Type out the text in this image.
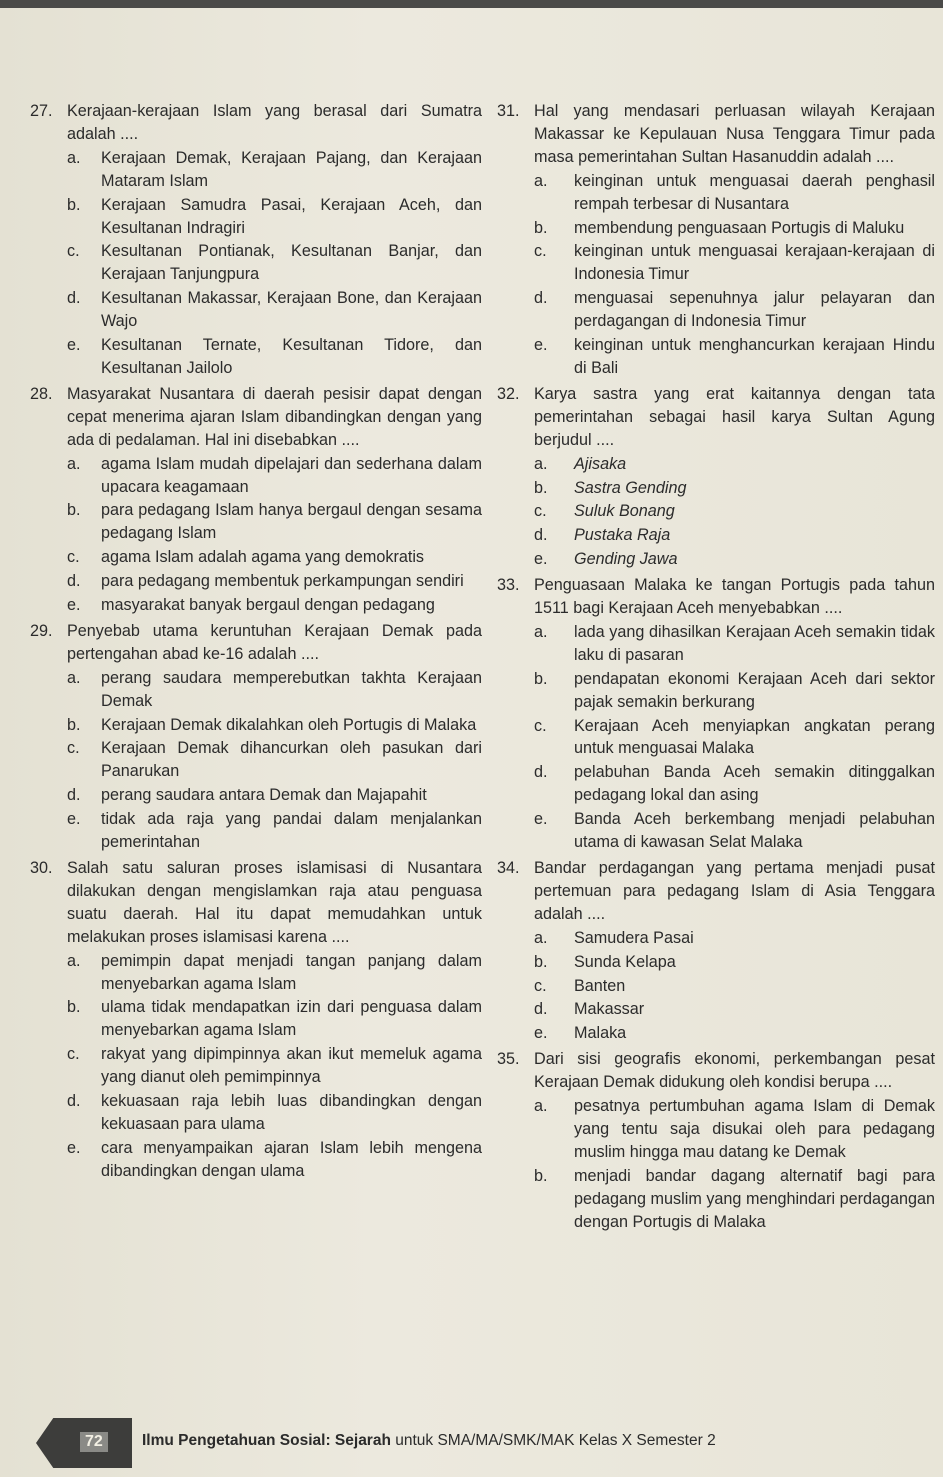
27. Kerajaan-kerajaan Islam yang berasal dari Sumatra adalah ....
a. Kerajaan Demak, Kerajaan Pajang, dan Kerajaan Mataram Islam
b. Kerajaan Samudra Pasai, Kerajaan Aceh, dan Kesultanan Indragiri
c. Kesultanan Pontianak, Kesultanan Banjar, dan Kerajaan Tanjungpura
d. Kesultanan Makassar, Kerajaan Bone, dan Kerajaan Wajo
e. Kesultanan Ternate, Kesultanan Tidore, dan Kesultanan Jailolo
28. Masyarakat Nusantara di daerah pesisir dapat dengan cepat menerima ajaran Islam dibandingkan dengan yang ada di pedalaman. Hal ini disebabkan ....
a. agama Islam mudah dipelajari dan sederhana dalam upacara keagamaan
b. para pedagang Islam hanya bergaul dengan sesama pedagang Islam
c. agama Islam adalah agama yang demokratis
d. para pedagang membentuk perkampungan sendiri
e. masyarakat banyak bergaul dengan pedagang
29. Penyebab utama keruntuhan Kerajaan Demak pada pertengahan abad ke-16 adalah ....
a. perang saudara memperebutkan takhta Kerajaan Demak
b. Kerajaan Demak dikalahkan oleh Portugis di Malaka
c. Kerajaan Demak dihancurkan oleh pasukan dari Panarukan
d. perang saudara antara Demak dan Majapahit
e. tidak ada raja yang pandai dalam menjalankan pemerintahan
30. Salah satu saluran proses islamisasi di Nusantara dilakukan dengan mengislamkan raja atau penguasa suatu daerah. Hal itu dapat memudahkan untuk melakukan proses islamisasi karena ....
a. pemimpin dapat menjadi tangan panjang dalam menyebarkan agama Islam
b. ulama tidak mendapatkan izin dari penguasa dalam menyebarkan agama Islam
c. rakyat yang dipimpinnya akan ikut memeluk agama yang dianut oleh pemimpinnya
d. kekuasaan raja lebih luas dibandingkan dengan kekuasaan para ulama
e. cara menyampaikan ajaran Islam lebih mengena dibandingkan dengan ulama
31. Hal yang mendasari perluasan wilayah Kerajaan Makassar ke Kepulauan Nusa Tenggara Timur pada masa pemerintahan Sultan Hasanuddin adalah ....
a. keinginan untuk menguasai daerah penghasil rempah terbesar di Nusantara
b. membendung penguasaan Portugis di Maluku
c. keinginan untuk menguasai kerajaan-kerajaan di Indonesia Timur
d. menguasai sepenuhnya jalur pelayaran dan perdagangan di Indonesia Timur
e. keinginan untuk menghancurkan kerajaan Hindu di Bali
32. Karya sastra yang erat kaitannya dengan tata pemerintahan sebagai hasil karya Sultan Agung berjudul ....
a. Ajisaka
b. Sastra Gending
c. Suluk Bonang
d. Pustaka Raja
e. Gending Jawa
33. Penguasaan Malaka ke tangan Portugis pada tahun 1511 bagi Kerajaan Aceh menyebabkan ....
a. lada yang dihasilkan Kerajaan Aceh semakin tidak laku di pasaran
b. pendapatan ekonomi Kerajaan Aceh dari sektor pajak semakin berkurang
c. Kerajaan Aceh menyiapkan angkatan perang untuk menguasai Malaka
d. pelabuhan Banda Aceh semakin ditinggalkan pedagang lokal dan asing
e. Banda Aceh berkembang menjadi pelabuhan utama di kawasan Selat Malaka
34. Bandar perdagangan yang pertama menjadi pusat pertemuan para pedagang Islam di Asia Tenggara adalah ....
a. Samudera Pasai
b. Sunda Kelapa
c. Banten
d. Makassar
e. Malaka
35. Dari sisi geografis ekonomi, perkembangan pesat Kerajaan Demak didukung oleh kondisi berupa ....
a. pesatnya pertumbuhan agama Islam di Demak yang tentu saja disukai oleh para pedagang muslim hingga mau datang ke Demak
b. menjadi bandar dagang alternatif bagi para pedagang muslim yang menghindari perdagangan dengan Portugis di Malaka
72	Ilmu Pengetahuan Sosial: Sejarah untuk SMA/MA/SMK/MAK Kelas X Semester 2
